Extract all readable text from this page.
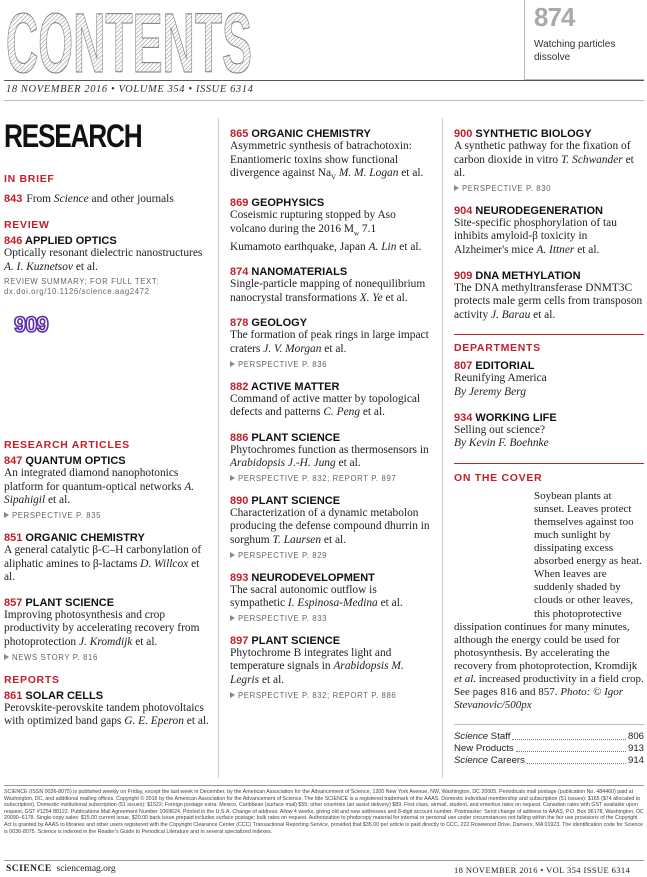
CONTENTS
18 NOVEMBER 2016 • VOLUME 354 • ISSUE 6314
874
Watching particles dissolve
RESEARCH
IN BRIEF
843 From Science and other journals
REVIEW
846 APPLIED OPTICS
Optically resonant dielectric nanostructures A. I. Kuznetsov et al.
REVIEW SUMMARY; FOR FULL TEXT:
dx.doi.org/10.1126/science.aag2472
909
RESEARCH ARTICLES
847 QUANTUM OPTICS
An integrated diamond nanophotonics platform for quantum-optical networks A. Sipahigil et al.
PERSPECTIVE P. 835
851 ORGANIC CHEMISTRY
A general catalytic β-C–H carbonylation of aliphatic amines to β-lactams D. Willcox et al.
857 PLANT SCIENCE
Improving photosynthesis and crop productivity by accelerating recovery from photoprotection J. Kromdijk et al.
NEWS STORY P. 816
REPORTS
861 SOLAR CELLS
Perovskite-perovskite tandem photovoltaics with optimized band gaps G. E. Eperon et al.
865 ORGANIC CHEMISTRY
Asymmetric synthesis of batrachotoxin: Enantiomeric toxins show functional divergence against $Na_V$ M. M. Logan et al.
869 GEOPHYSICS
Coseismic rupturing stopped by Aso volcano during the 2016 $M_w$ 7.1 Kumamoto earthquake, Japan A. Lin et al.
874 NANOMATERIALS
Single-particle mapping of nonequilibrium nanocrystal transformations X. Ye et al.
878 GEOLOGY
The formation of peak rings in large impact craters J. V. Morgan et al.
PERSPECTIVE P. 836
882 ACTIVE MATTER
Command of active matter by topological defects and patterns C. Peng et al.
886 PLANT SCIENCE
Phytochromes function as thermosensors in Arabidopsis J.-H. Jung et al.
PERSPECTIVE P. 832; REPORT P. 897
890 PLANT SCIENCE
Characterization of a dynamic metabolon producing the defense compound dhurrin in sorghum T. Laursen et al.
PERSPECTIVE P. 829
893 NEURODEVELOPMENT
The sacral autonomic outflow is sympathetic I. Espinosa-Medina et al.
PERSPECTIVE P. 833
897 PLANT SCIENCE
Phytochrome B integrates light and temperature signals in Arabidopsis M. Legris et al.
PERSPECTIVE P. 832; REPORT P. 886
900 SYNTHETIC BIOLOGY
A synthetic pathway for the fixation of carbon dioxide in vitro T. Schwander et al.
PERSPECTIVE P. 830
904 NEURODEGENERATION
Site-specific phosphorylation of tau inhibits amyloid-β toxicity in Alzheimer's mice A. Ittner et al.
909 DNA METHYLATION
The DNA methyltransferase DNMT3C protects male germ cells from transposon activity J. Barau et al.
DEPARTMENTS
807 EDITORIAL
Reunifying America
By Jeremy Berg
934 WORKING LIFE
Selling out science?
By Kevin F. Boehnke
ON THE COVER
Soybean plants at sunset. Leaves protect themselves against too much sunlight by dissipating excess absorbed energy as heat. When leaves are suddenly shaded by clouds or other leaves, this photoprotective dissipation continues for many minutes, although the energy could be used for photosynthesis. By accelerating the recovery from photoprotection, Kromdijk et al. increased productivity in a field crop. See pages 816 and 857. Photo: © Igor Stevanovic/500px
Science Staff	806
New Products	913
Science Careers	914
SCIENCE (ISSN 0036-8075) is published weekly on Friday, except the last week in December, by the American Association for the Advancement of Science, 1200 New York Avenue, NW, Washington, DC 20005. Periodicals mail postage (publication No. 484460) paid at Washington, DC, and additional mailing offices. Copyright © 2016 by the American Association for the Advancement of Science. The title SCIENCE is a registered trademark of the AAAS. Domestic individual membership and subscription (51 issues): $165 ($74 allocated to subscription). Domestic institutional subscription (51 issues): $1522; Foreign postage extra: Mexico, Caribbean (surface mail) $55; other countries (air assist delivery) $89. First class, airmail, student, and emeritus rates on request. Canadian rates with GST available upon request, GST #1254 88122. Publications Mail Agreement Number 1069624. Printed in the U.S.A. Change of address: Allow 4 weeks, giving old and new addresses and 8-digit account number. Postmaster: Send change of address to AAAS, P.O. Box 96178, Washington, DC 20090–6178. Single-copy sales: $15.00 current issue, $20.00 back issue prepaid includes surface postage; bulk rates on request. Authorization to photocopy material for internal or personal use under circumstances not falling within the fair use provisions of the Copyright Act is granted by AAAS to libraries and other users registered with the Copyright Clearance Center (CCC) Transactional Reporting Service, provided that $35.00 per article is paid directly to CCC, 222 Rosewood Drive, Danvers, MA 01923. The identification code for Science is 0036-8075. Science is indexed in the Reader's Guide to Periodical Literature and in several specialized indexes.
SCIENCE sciencemag.org	18 NOVEMBER 2016 • VOL 354 ISSUE 6314
